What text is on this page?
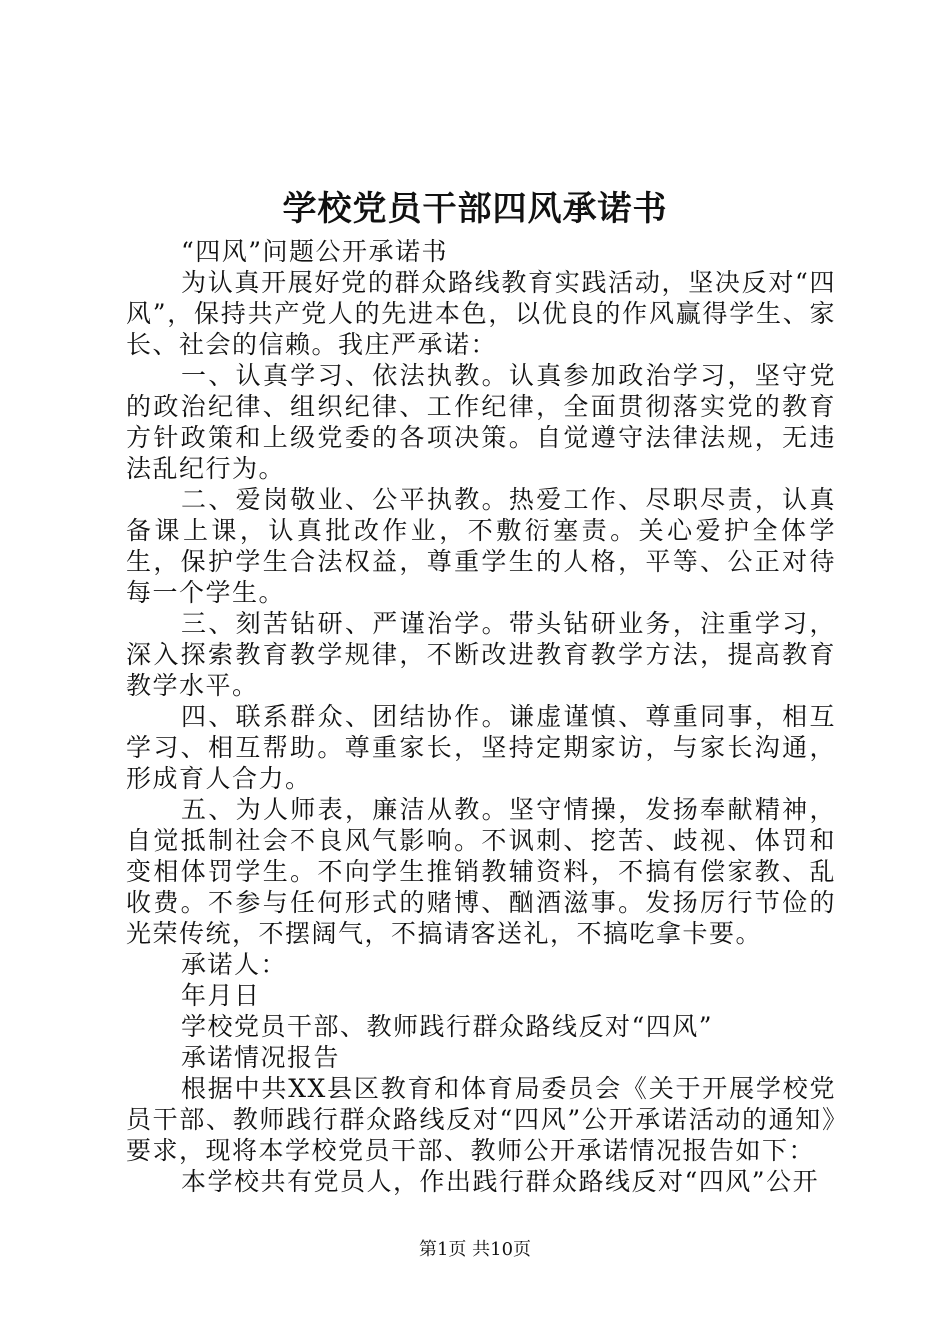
学校党员干部四风承诺书

“四风”问题公开承诺书

为认真开展好党的群众路线教育实践活动，坚决反对“四风”，保持共产党人的先进本色，以优良的作风赢得学生、家长、社会的信赖。我庄严承诺：

一、认真学习、依法执教。认真参加政治学习，坚守党的政治纪律、组织纪律、工作纪律，全面贯彻落实党的教育方针政策和上级党委的各项决策。自觉遵守法律法规，无违法乱纪行为。

二、爱岗敬业、公平执教。热爱工作、尽职尽责，认真备课上课，认真批改作业，不敷衍塞责。关心爱护全体学生，保护学生合法权益，尊重学生的人格，平等、公正对待每一个学生。

三、刻苦钻研、严谨治学。带头钻研业务，注重学习，深入探索教育教学规律，不断改进教育教学方法，提高教育教学水平。

四、联系群众、团结协作。谦虚谨慎、尊重同事，相互学习、相互帮助。尊重家长，坚持定期家访，与家长沟通，形成育人合力。

五、为人师表，廉洁从教。坚守情操，发扬奉献精神，自觉抵制社会不良风气影响。不讽刺、挖苦、歧视、体罚和变相体罚学生。不向学生推销教辅资料，不搞有偿家教、乱收费。不参与任何形式的赌博、酗酒滋事。发扬厉行节俭的光荣传统，不摆阔气，不搞请客送礼，不搞吃拿卡要。

承诺人：

年月日

学校党员干部、教师践行群众路线反对“四风”

承诺情况报告

根据中共XX县区教育和体育局委员会《关于开展学校党员干部、教师践行群众路线反对“四风”公开承诺活动的通知》要求，现将本学校党员干部、教师公开承诺情况报告如下：

本学校共有党员人，作出践行群众路线反对“四风”公开

第1页 共10页
